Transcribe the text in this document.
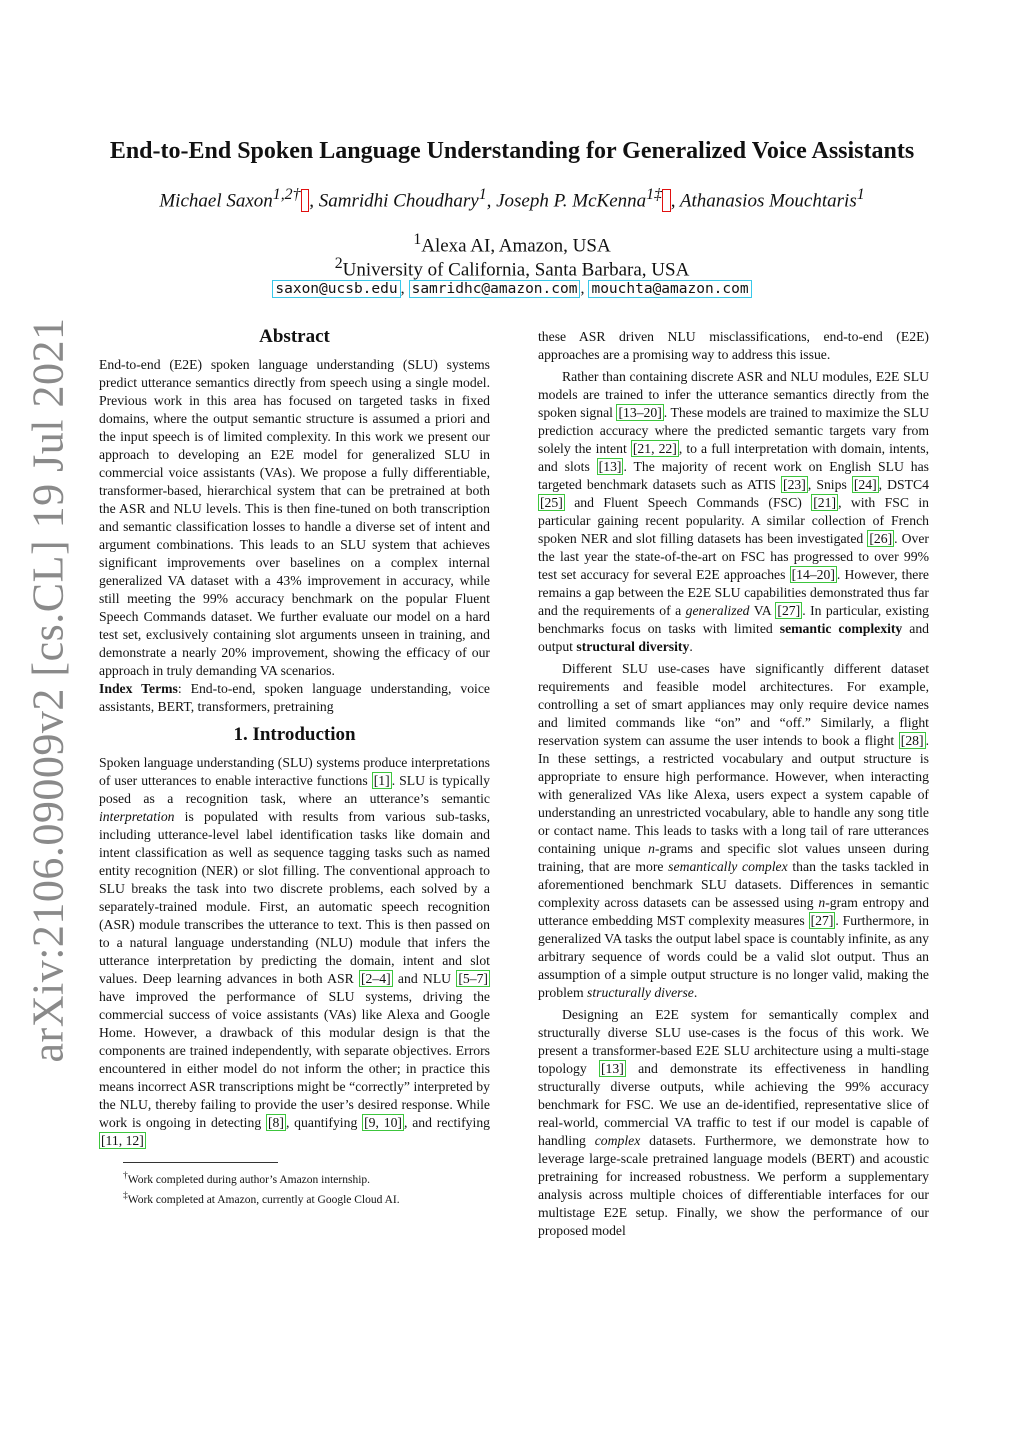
arXiv:2106.09009v2 [cs.CL] 19 Jul 2021
End-to-End Spoken Language Understanding for Generalized Voice Assistants
Michael Saxon$^{1,2\dagger}$ , Samridhi Choudhary$^1$, Joseph P. McKenna$^{1\ddagger}$ , Athanasios Mouchtaris$^1$
$^1$Alexa AI, Amazon, USA
$^2$University of California, Santa Barbara, USA
saxon@ucsb.edu , samridhc@amazon.com , mouchta@amazon.com
Abstract

End-to-end (E2E) spoken language understanding (SLU) systems predict utterance semantics directly from speech using a single model. Previous work in this area has focused on targeted tasks in fixed domains, where the output semantic structure is assumed a priori and the input speech is of limited complexity. In this work we present our approach to developing an E2E model for generalized SLU in commercial voice assistants (VAs). We propose a fully differentiable, transformer-based, hierarchical system that can be pretrained at both the ASR and NLU levels. This is then fine-tuned on both transcription and semantic classification losses to handle a diverse set of intent and argument combinations. This leads to an SLU system that achieves significant improvements over baselines on a complex internal generalized VA dataset with a 43% improvement in accuracy, while still meeting the 99% accuracy benchmark on the popular Fluent Speech Commands dataset. We further evaluate our model on a hard test set, exclusively containing slot arguments unseen in training, and demonstrate a nearly 20% improvement, showing the efficacy of our approach in truly demanding VA scenarios.

Index Terms: End-to-end, spoken language understanding, voice assistants, BERT, transformers, pretraining

1. Introduction

Spoken language understanding (SLU) systems produce interpretations of user utterances to enable interactive functions [1] . SLU is typically posed as a recognition task, where an utterance’s semantic interpretation is populated with results from various sub-tasks, including utterance-level label identification tasks like domain and intent classification as well as sequence tagging tasks such as named entity recognition (NER) or slot filling. The conventional approach to SLU breaks the task into two discrete problems, each solved by a separately-trained module. First, an automatic speech recognition (ASR) module transcribes the utterance to text. This is then passed on to a natural language understanding (NLU) module that infers the utterance interpretation by predicting the domain, intent and slot values. Deep learning advances in both ASR [2–4] and NLU [5–7] have improved the performance of SLU systems, driving the commercial success of voice assistants (VAs) like Alexa and Google Home. However, a drawback of this modular design is that the components are trained independently, with separate objectives. Errors encountered in either model do not inform the other; in practice this means incorrect ASR transcriptions might be “correctly” interpreted by the NLU, thereby failing to provide the user’s desired response. While work is ongoing in detecting [8] , quantifying [9, 10] , and rectifying [11, 12]

†Work completed during author’s Amazon internship.

‡Work completed at Amazon, currently at Google Cloud AI.

these ASR driven NLU misclassifications, end-to-end (E2E) approaches are a promising way to address this issue.

Rather than containing discrete ASR and NLU modules, E2E SLU models are trained to infer the utterance semantics directly from the spoken signal [13–20] . These models are trained to maximize the SLU prediction accuracy where the predicted semantic targets vary from solely the intent [21, 22] , to a full interpretation with domain, intents, and slots [13] . The majority of recent work on English SLU has targeted benchmark datasets such as ATIS [23] , Snips [24] , DSTC4 [25] and Fluent Speech Commands (FSC) [21] , with FSC in particular gaining recent popularity. A similar collection of French spoken NER and slot filling datasets has been investigated [26] . Over the last year the state-of-the-art on FSC has progressed to over 99% test set accuracy for several E2E approaches [14–20] . However, there remains a gap between the E2E SLU capabilities demonstrated thus far and the requirements of a generalized VA [27] . In particular, existing benchmarks focus on tasks with limited semantic complexity and output structural diversity.

Different SLU use-cases have significantly different dataset requirements and feasible model architectures. For example, controlling a set of smart appliances may only require device names and limited commands like “on” and “off.” Similarly, a flight reservation system can assume the user intends to book a flight [28] . In these settings, a restricted vocabulary and output structure is appropriate to ensure high performance. However, when interacting with generalized VAs like Alexa, users expect a system capable of understanding an unrestricted vocabulary, able to handle any song title or contact name. This leads to tasks with a long tail of rare utterances containing unique n-grams and specific slot values unseen during training, that are more semantically complex than the tasks tackled in aforementioned benchmark SLU datasets. Differences in semantic complexity across datasets can be assessed using n-gram entropy and utterance embedding MST complexity measures [27] . Furthermore, in generalized VA tasks the output label space is countably infinite, as any arbitrary sequence of words could be a valid slot output. Thus an assumption of a simple output structure is no longer valid, making the problem structurally diverse.

Designing an E2E system for semantically complex and structurally diverse SLU use-cases is the focus of this work. We present a transformer-based E2E SLU architecture using a multi-stage topology [13] and demonstrate its effectiveness in handling structurally diverse outputs, while achieving the 99% accuracy benchmark for FSC. We use an de-identified, representative slice of real-world, commercial VA traffic to test if our model is capable of handling complex datasets. Furthermore, we demonstrate how to leverage large-scale pretrained language models (BERT) and acoustic pretraining for increased robustness. We perform a supplementary analysis across multiple choices of differentiable interfaces for our multistage E2E setup. Finally, we show the performance of our proposed model
